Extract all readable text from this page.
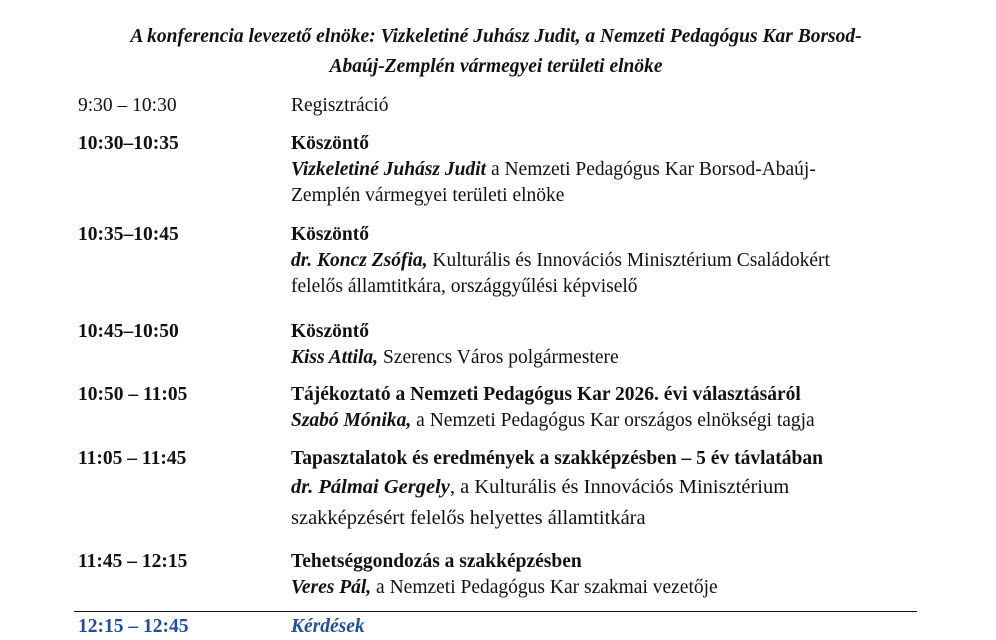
A konferencia levezető elnöke: Vizkeletiné Juhász Judit, a Nemzeti Pedagógus Kar Borsod-
Abaúj-Zemplén vármegyei területi elnöke
9:30 – 10:30	Regisztráció
10:30–10:35	Köszöntő
Vizkeletiné Juhász Judit a Nemzeti Pedagógus Kar Borsod-Abaúj-
Zemplén vármegyei területi elnöke
10:35–10:45	Köszöntő
dr. Koncz Zsófia, Kulturális és Innovációs Minisztérium Családokért
felelős államtitkára, országgyűlési képviselő
10:45–10:50	Köszöntő
Kiss Attila, Szerencs Város polgármestere
10:50 – 11:05	Tájékoztató a Nemzeti Pedagógus Kar 2026. évi választásáról
Szabó Mónika, a Nemzeti Pedagógus Kar országos elnökségi tagja
11:05 – 11:45	Tapasztalatok és eredmények a szakképzésben – 5 év távlatában
dr. Pálmai Gergely, a Kulturális és Innovációs Minisztérium
szakképzésért felelős helyettes államtitkára
11:45 – 12:15	Tehetséggondozás a szakképzésben
Veres Pál, a Nemzeti Pedagógus Kar szakmai vezetője
12:15 – 12:45	Kérdések
